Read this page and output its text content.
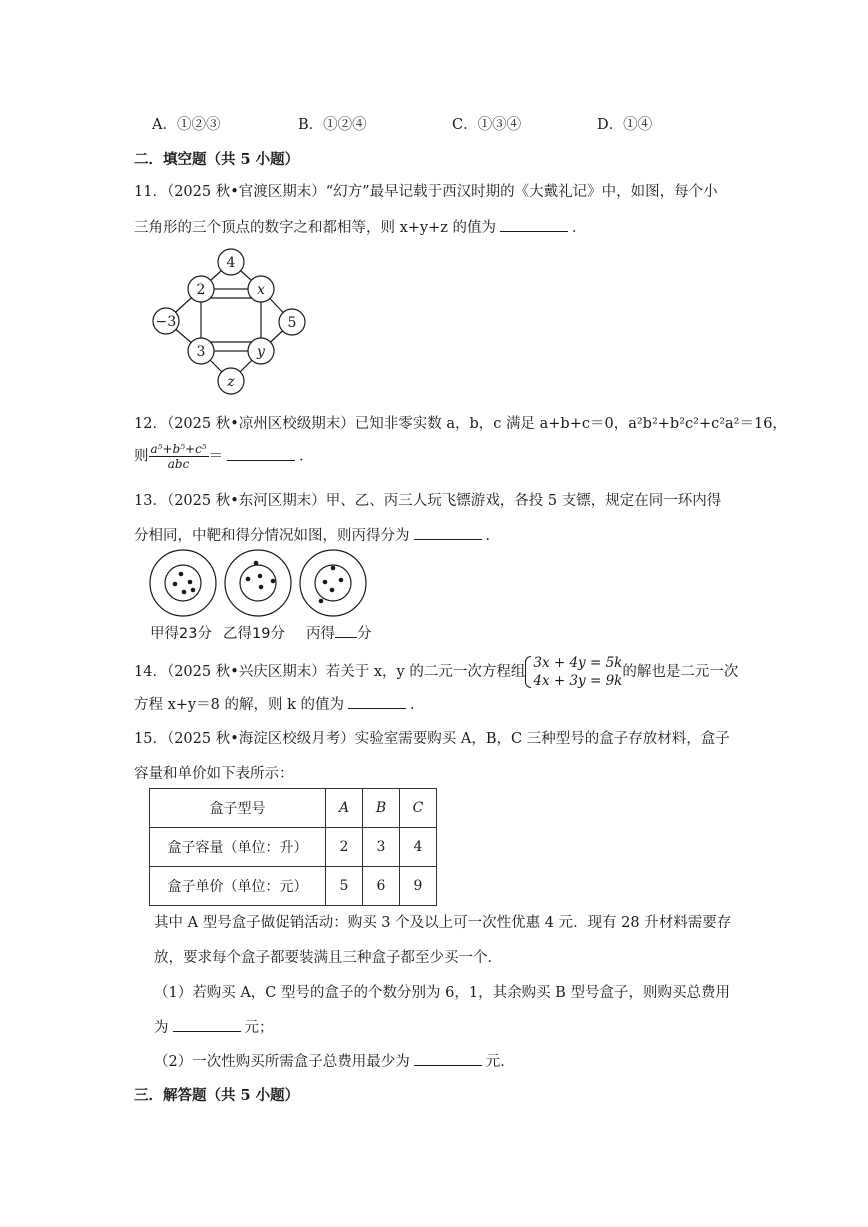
A．①②③	B．①②④	C．①③④	D．①④
二．填空题（共 5 小题）
11．（2025 秋•官渡区期末）“幻方”最早记载于西汉时期的《大戴礼记》中，如图，每个小
三角形的三个顶点的数字之和都相等，则 x+y+z 的值为	．
4
2	x
−3	5
3	y
z
12．（2025 秋•凉州区校级期末）已知非零实数 a，b，c 满足 a+b+c＝0，a²b²+b²c²+c²a²＝16，
则 $\frac{\text{a⁵+b⁵+c⁵}}{\text{abc}}$ ＝	．
13．（2025 秋•东河区期末）甲、乙、丙三人玩飞镖游戏，各投 5 支镖，规定在同一环内得
分相同，中靶和得分情况如图，则丙得分为	．
甲得23分 乙得19分 丙得 分
14．（2025 秋•兴庆区期末）若关于 x，y 的二元一次方程组
3x + 4y = 5k
4x + 3y = 9k
的解也是二元一次
方程 x+y＝8 的解，则 k 的值为	．
15．（2025 秋•海淀区校级月考）实验室需要购买 A，B，C 三种型号的盒子存放材料，盒子
容量和单价如下表所示：
盒子型号	A	B	C
盒子容量（单位：升）	2	3	4
盒子单价（单位：元）	5	6	9
其中 A 型号盒子做促销活动：购买 3 个及以上可一次性优惠 4 元．现有 28 升材料需要存
放，要求每个盒子都要装满且三种盒子都至少买一个．
（1）若购买 A，C 型号的盒子的个数分别为 6，1，其余购买 B 型号盒子，则购买总费用
为	元；
（2）一次性购买所需盒子总费用最少为	元．
三．解答题（共 5 小题）
